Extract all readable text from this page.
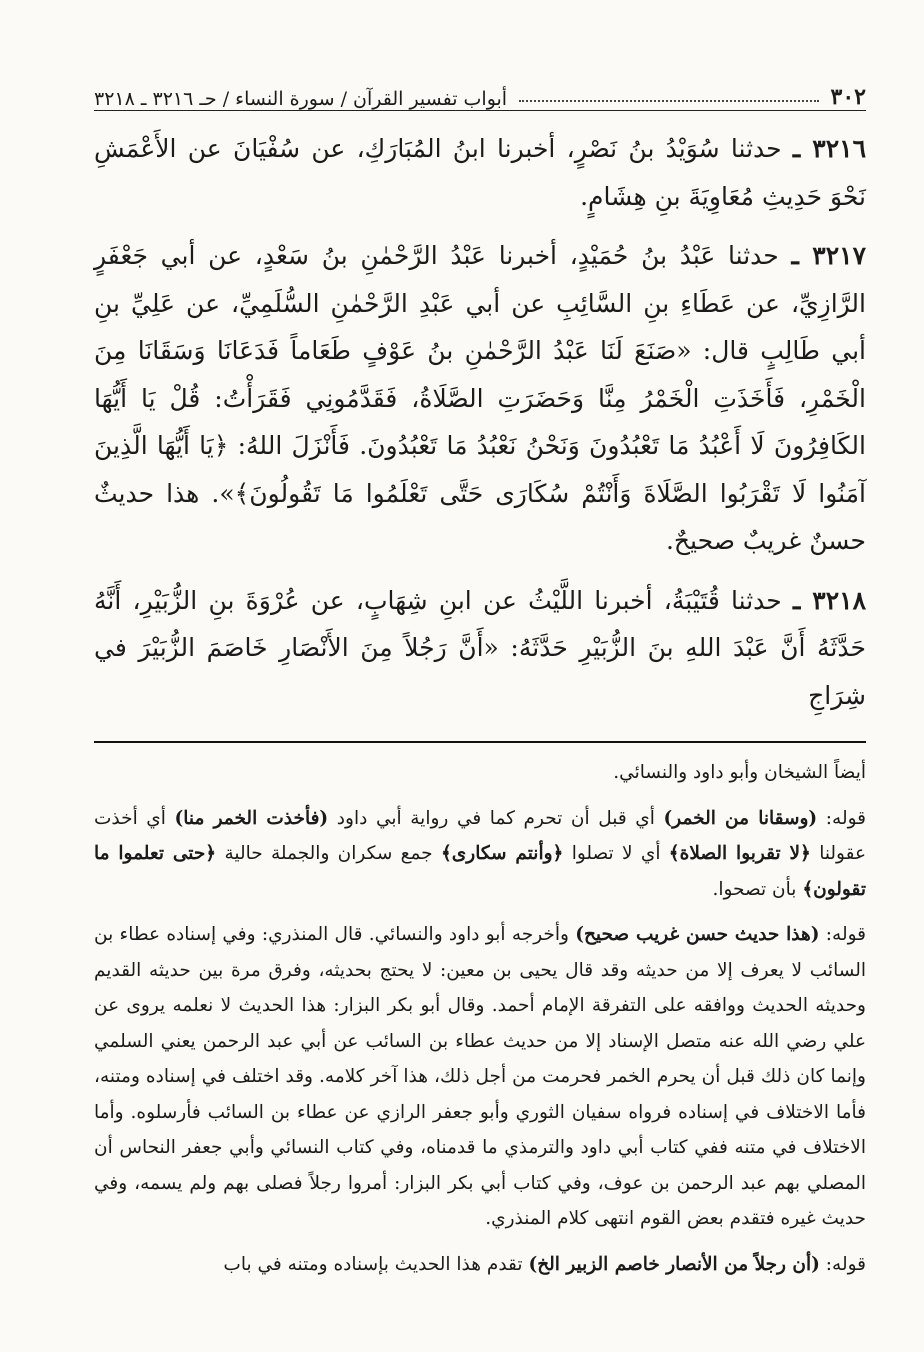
٣٠٢
أبواب تفسير القرآن / سورة النساء / حـ ٣٢١٦ ـ ٣٢١٨

٣٢١٦ ـ حدثنا سُوَيْدُ بنُ نَصْرٍ، أخبرنا ابنُ المُبَارَكِ، عن سُفْيَانَ عن الأَعْمَشِ نَحْوَ حَدِيثِ مُعَاوِيَةَ بنِ هِشَامٍ.

٣٢١٧ ـ حدثنا عَبْدُ بنُ حُمَيْدٍ، أخبرنا عَبْدُ الرَّحْمٰنِ بنُ سَعْدٍ، عن أبي جَعْفَرٍ الرَّازِيِّ، عن عَطَاءِ بنِ السَّائِبِ عن أبي عَبْدِ الرَّحْمٰنِ السُّلَمِيِّ، عن عَلِيِّ بنِ أبي طَالِبٍ قال: «صَنَعَ لَنَا عَبْدُ الرَّحْمٰنِ بنُ عَوْفٍ طَعَاماً فَدَعَانَا وَسَقَانَا مِنَ الْخَمْرِ، فَأَخَذَتِ الْخَمْرُ مِنَّا وَحَضَرَتِ الصَّلَاةُ، فَقَدَّمُونِي فَقَرَأْتُ: قُلْ يَا أَيُّهَا الكَافِرُونَ لَا أَعْبُدُ مَا تَعْبُدُونَ وَنَحْنُ نَعْبُدُ مَا تَعْبُدُونَ. فَأَنْزَلَ اللهُ: ﴿يَا أَيُّهَا الَّذِينَ آمَنُوا لَا تَقْرَبُوا الصَّلَاةَ وَأَنْتُمْ سُكَارَى حَتَّى تَعْلَمُوا مَا تَقُولُونَ﴾». هذا حديثٌ حسنٌ غريبٌ صحيحٌ.

٣٢١٨ ـ حدثنا قُتَيْبَةُ، أخبرنا اللَّيْثُ عن ابنِ شِهَابٍ، عن عُرْوَةَ بنِ الزُّبَيْرِ، أَنَّهُ حَدَّثَهُ أَنَّ عَبْدَ اللهِ بنَ الزُّبَيْرِ حَدَّثَهُ: «أَنَّ رَجُلاً مِنَ الأَنْصَارِ خَاصَمَ الزُّبَيْرَ في شِرَاجِ

أيضاً الشيخان وأبو داود والنسائي.

قوله: (وسقانا من الخمر) أي قبل أن تحرم كما في رواية أبي داود (فأخذت الخمر منا) أي أخذت عقولنا ﴿لا تقربوا الصلاة﴾ أي لا تصلوا ﴿وأنتم سكارى﴾ جمع سكران والجملة حالية ﴿حتى تعلموا ما تقولون﴾ بأن تصحوا.

قوله: (هذا حديث حسن غريب صحيح) وأخرجه أبو داود والنسائي. قال المنذري: وفي إسناده عطاء بن السائب لا يعرف إلا من حديثه وقد قال يحيى بن معين: لا يحتج بحديثه، وفرق مرة بين حديثه القديم وحديثه الحديث ووافقه على التفرقة الإمام أحمد. وقال أبو بكر البزار: هذا الحديث لا نعلمه يروى عن علي رضي الله عنه متصل الإسناد إلا من حديث عطاء بن السائب عن أبي عبد الرحمن يعني السلمي وإنما كان ذلك قبل أن يحرم الخمر فحرمت من أجل ذلك، هذا آخر كلامه. وقد اختلف في إسناده ومتنه، فأما الاختلاف في إسناده فرواه سفيان الثوري وأبو جعفر الرازي عن عطاء بن السائب فأرسلوه. وأما الاختلاف في متنه ففي كتاب أبي داود والترمذي ما قدمناه، وفي كتاب النسائي وأبي جعفر النحاس أن المصلي بهم عبد الرحمن بن عوف، وفي كتاب أبي بكر البزار: أمروا رجلاً فصلى بهم ولم يسمه، وفي حديث غيره فتقدم بعض القوم انتهى كلام المنذري.

قوله: (أن رجلاً من الأنصار خاصم الزبير الخ) تقدم هذا الحديث بإسناده ومتنه في باب
